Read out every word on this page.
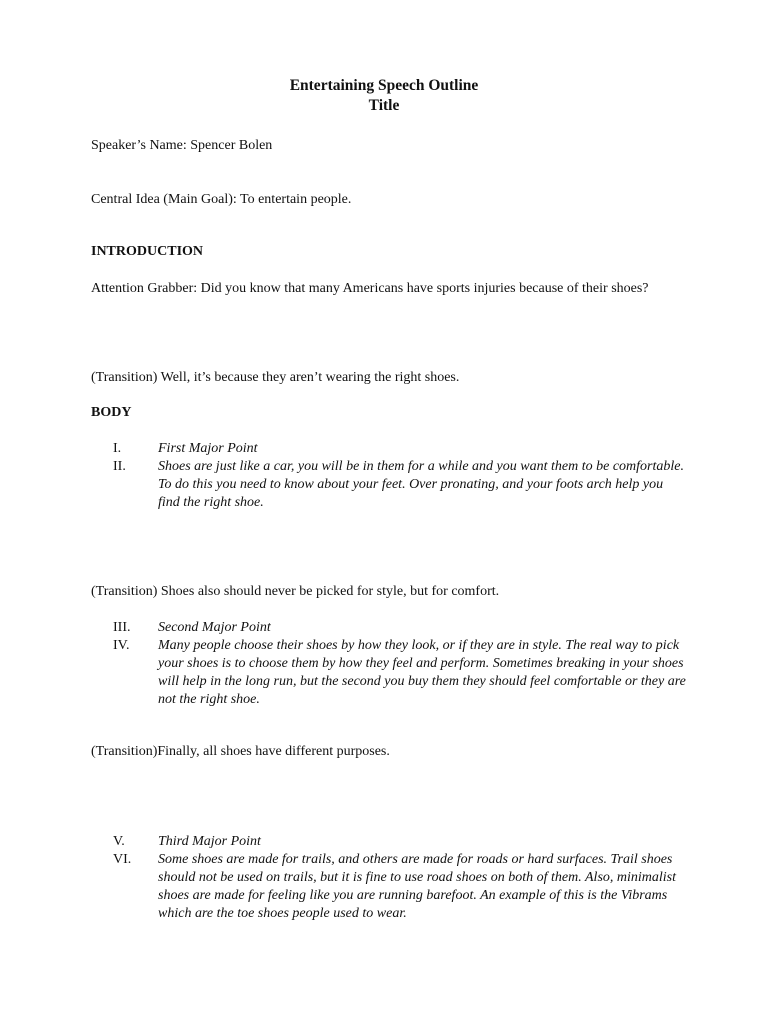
Entertaining Speech Outline
Title
Speaker’s Name: Spencer Bolen
Central Idea (Main Goal): To entertain people.
INTRODUCTION
Attention Grabber: Did you know that many Americans have sports injuries because of their shoes?
(Transition) Well, it’s because they aren’t wearing the right shoes.
BODY
I.	First Major Point
II.	Shoes are just like a car, you will be in them for a while and you want them to be comfortable. To do this you need to know about your feet. Over pronating, and your foots arch help you find the right shoe.
(Transition) Shoes also should never be picked for style, but for comfort.
III.	Second Major Point
IV.	Many people choose their shoes by how they look, or if they are in style. The real way to pick your shoes is to choose them by how they feel and perform. Sometimes breaking in your shoes will help in the long run, but the second you buy them they should feel comfortable or they are not the right shoe.
(Transition)Finally, all shoes have different purposes.
V.	Third Major Point
VI.	Some shoes are made for trails, and others are made for roads or hard surfaces. Trail shoes should not be used on trails, but it is fine to use road shoes on both of them. Also, minimalist shoes are made for feeling like you are running barefoot. An example of this is the Vibrams which are the toe shoes people used to wear.
